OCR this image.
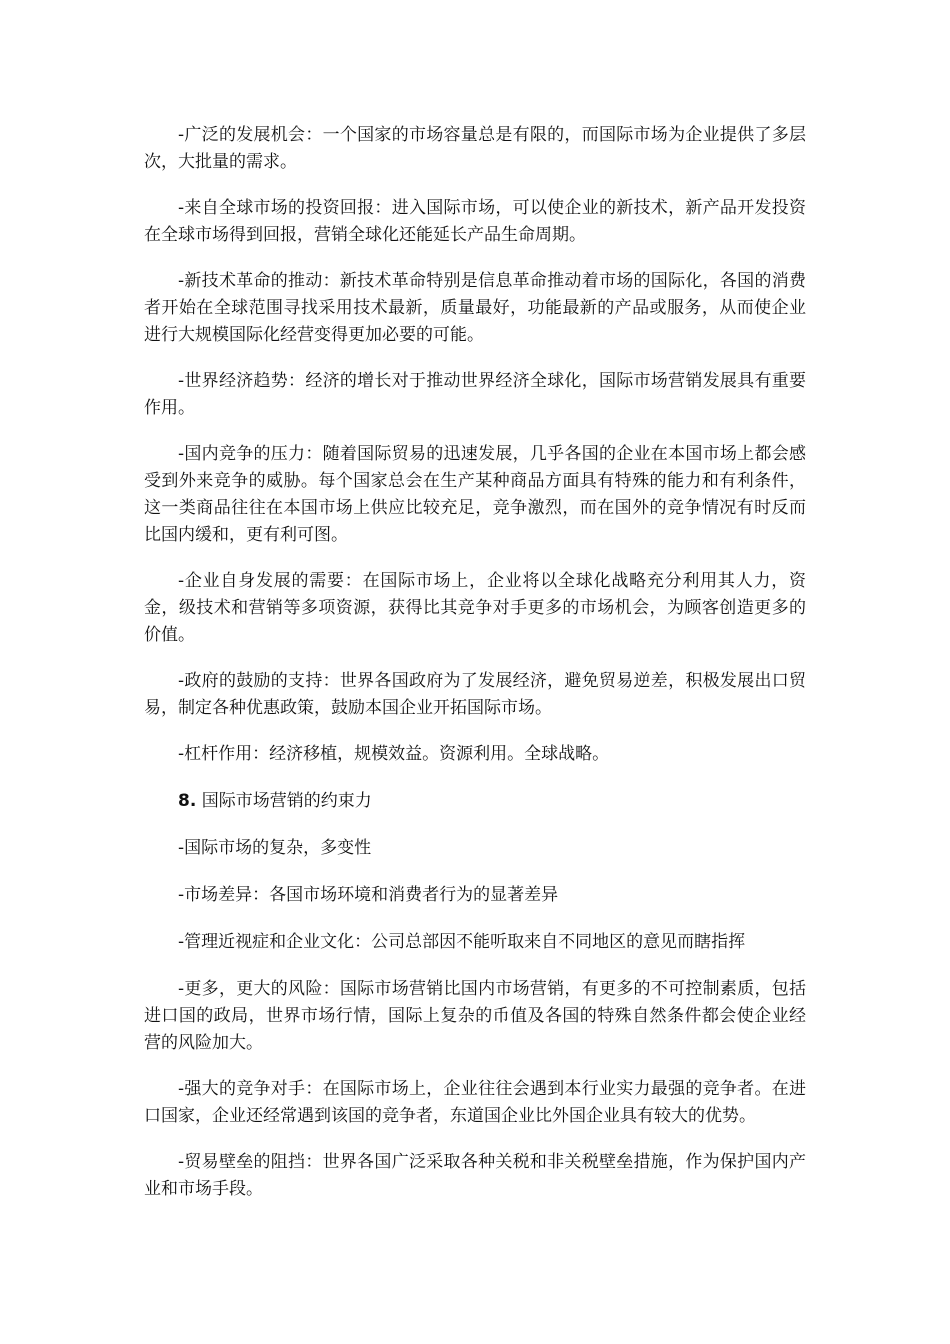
-广泛的发展机会：一个国家的市场容量总是有限的，而国际市场为企业提供了多层次，大批量的需求。

-来自全球市场的投资回报：进入国际市场，可以使企业的新技术，新产品开发投资在全球市场得到回报，营销全球化还能延长产品生命周期。

-新技术革命的推动：新技术革命特别是信息革命推动着市场的国际化，各国的消费者开始在全球范围寻找采用技术最新，质量最好，功能最新的产品或服务，从而使企业进行大规模国际化经营变得更加必要的可能。

-世界经济趋势：经济的增长对于推动世界经济全球化，国际市场营销发展具有重要作用。

-国内竞争的压力：随着国际贸易的迅速发展，几乎各国的企业在本国市场上都会感受到外来竞争的威胁。每个国家总会在生产某种商品方面具有特殊的能力和有利条件，这一类商品往往在本国市场上供应比较充足，竞争激烈，而在国外的竞争情况有时反而比国内缓和，更有利可图。

-企业自身发展的需要：在国际市场上，企业将以全球化战略充分利用其人力，资金，级技术和营销等多项资源，获得比其竞争对手更多的市场机会，为顾客创造更多的价值。

-政府的鼓励的支持：世界各国政府为了发展经济，避免贸易逆差，积极发展出口贸易，制定各种优惠政策，鼓励本国企业开拓国际市场。

-杠杆作用：经济移植，规模效益。资源利用。全球战略。

8. 国际市场营销的约束力

-国际市场的复杂，多变性

-市场差异：各国市场环境和消费者行为的显著差异

-管理近视症和企业文化：公司总部因不能听取来自不同地区的意见而瞎指挥

-更多，更大的风险：国际市场营销比国内市场营销，有更多的不可控制素质，包括进口国的政局，世界市场行情，国际上复杂的币值及各国的特殊自然条件都会使企业经营的风险加大。

-强大的竞争对手：在国际市场上，企业往往会遇到本行业实力最强的竞争者。在进口国家，企业还经常遇到该国的竞争者，东道国企业比外国企业具有较大的优势。

-贸易壁垒的阻挡：世界各国广泛采取各种关税和非关税壁垒措施，作为保护国内产业和市场手段。
